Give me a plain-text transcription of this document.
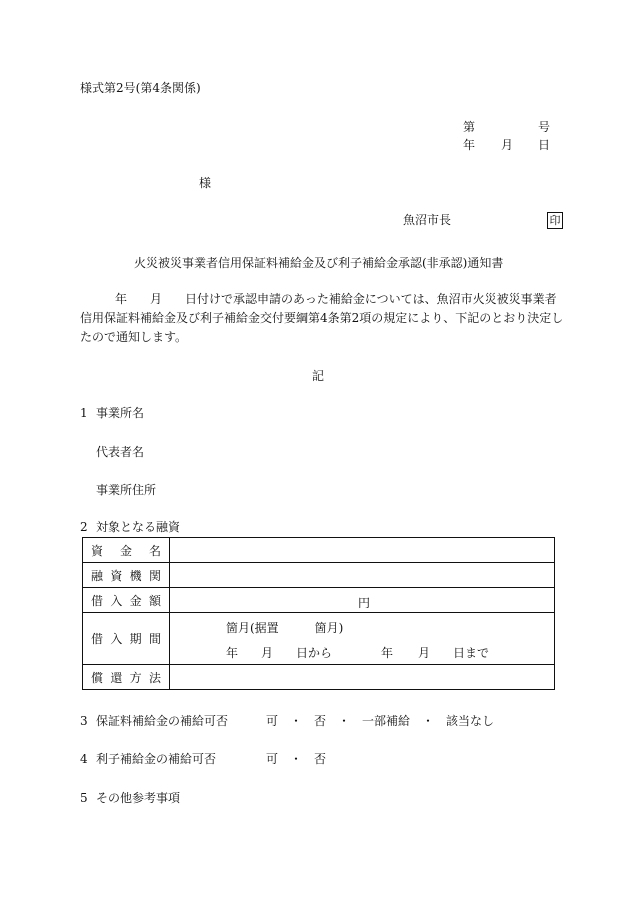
様式第2号(第4条関係)
第	号
年 月 日
様
魚沼市長	印
火災被災事業者信用保証料補給金及び利子補給金承認(非承認)通知書
年 月 日付けで承認申請のあった補給金については、魚沼市火災被災事業者
信用保証料補給金及び利子補給金交付要綱第4条第2項の規定により、下記のとおり決定し
たので通知します。
記
1 事業所名
代表者名
事業所住所
2 対象となる融資
資 金 名	

融 資 機 関	

借 入 金 額	円

借 入 期 間	箇月(据置　　　箇月)
年 月 日から 年 月 日まで

償 還 方 法	

3 保証料補給金の補給可否	可　・　否　・　一部補給　・　該当なし
4 利子補給金の補給可否	可　・　否
5 その他参考事項
